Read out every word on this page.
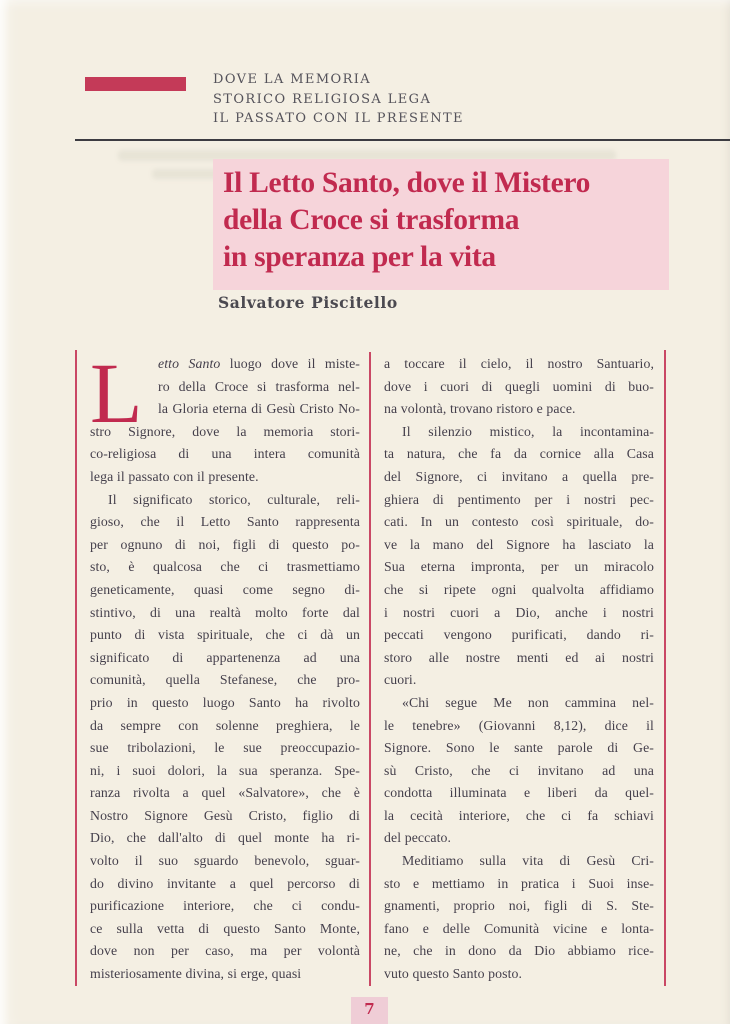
DOVE LA MEMORIA
STORICO RELIGIOSA LEGA
IL PASSATO CON IL PRESENTE
Il Letto Santo, dove il Mistero
della Croce si trasforma
in speranza per la vita
Salvatore Piscitello
L	etto Santo luogo dove il miste-
ro della Croce si trasforma nel-
la Gloria eterna di Gesù Cristo No-
stro Signore, dove la memoria stori-
co-religiosa di una intera comunità
lega il passato con il presente.
Il significato storico, culturale, reli-
gioso, che il Letto Santo rappresenta
per ognuno di noi, figli di questo po-
sto, è qualcosa che ci trasmettiamo
geneticamente, quasi come segno di-
stintivo, di una realtà molto forte dal
punto di vista spirituale, che ci dà un
significato di appartenenza ad una
comunità, quella Stefanese, che pro-
prio in questo luogo Santo ha rivolto
da sempre con solenne preghiera, le
sue tribolazioni, le sue preoccupazio-
ni, i suoi dolori, la sua speranza. Spe-
ranza rivolta a quel «Salvatore», che è
Nostro Signore Gesù Cristo, figlio di
Dio, che dall'alto di quel monte ha ri-
volto il suo sguardo benevolo, sguar-
do divino invitante a quel percorso di
purificazione interiore, che ci condu-
ce sulla vetta di questo Santo Monte,
dove non per caso, ma per volontà
misteriosamente divina, si erge, quasi
a toccare il cielo, il nostro Santuario,
dove i cuori di quegli uomini di buo-
na volontà, trovano ristoro e pace.
Il silenzio mistico, la incontamina-
ta natura, che fa da cornice alla Casa
del Signore, ci invitano a quella pre-
ghiera di pentimento per i nostri pec-
cati. In un contesto così spirituale, do-
ve la mano del Signore ha lasciato la
Sua eterna impronta, per un miracolo
che si ripete ogni qualvolta affidiamo
i nostri cuori a Dio, anche i nostri
peccati vengono purificati, dando ri-
storo alle nostre menti ed ai nostri
cuori.
«Chi segue Me non cammina nel-
le tenebre» (Giovanni 8,12), dice il
Signore. Sono le sante parole di Ge-
sù Cristo, che ci invitano ad una
condotta illuminata e liberi da quel-
la cecità interiore, che ci fa schiavi
del peccato.
Meditiamo sulla vita di Gesù Cri-
sto e mettiamo in pratica i Suoi inse-
gnamenti, proprio noi, figli di S. Ste-
fano e delle Comunità vicine e lonta-
ne, che in dono da Dio abbiamo rice-
vuto questo Santo posto.
7
